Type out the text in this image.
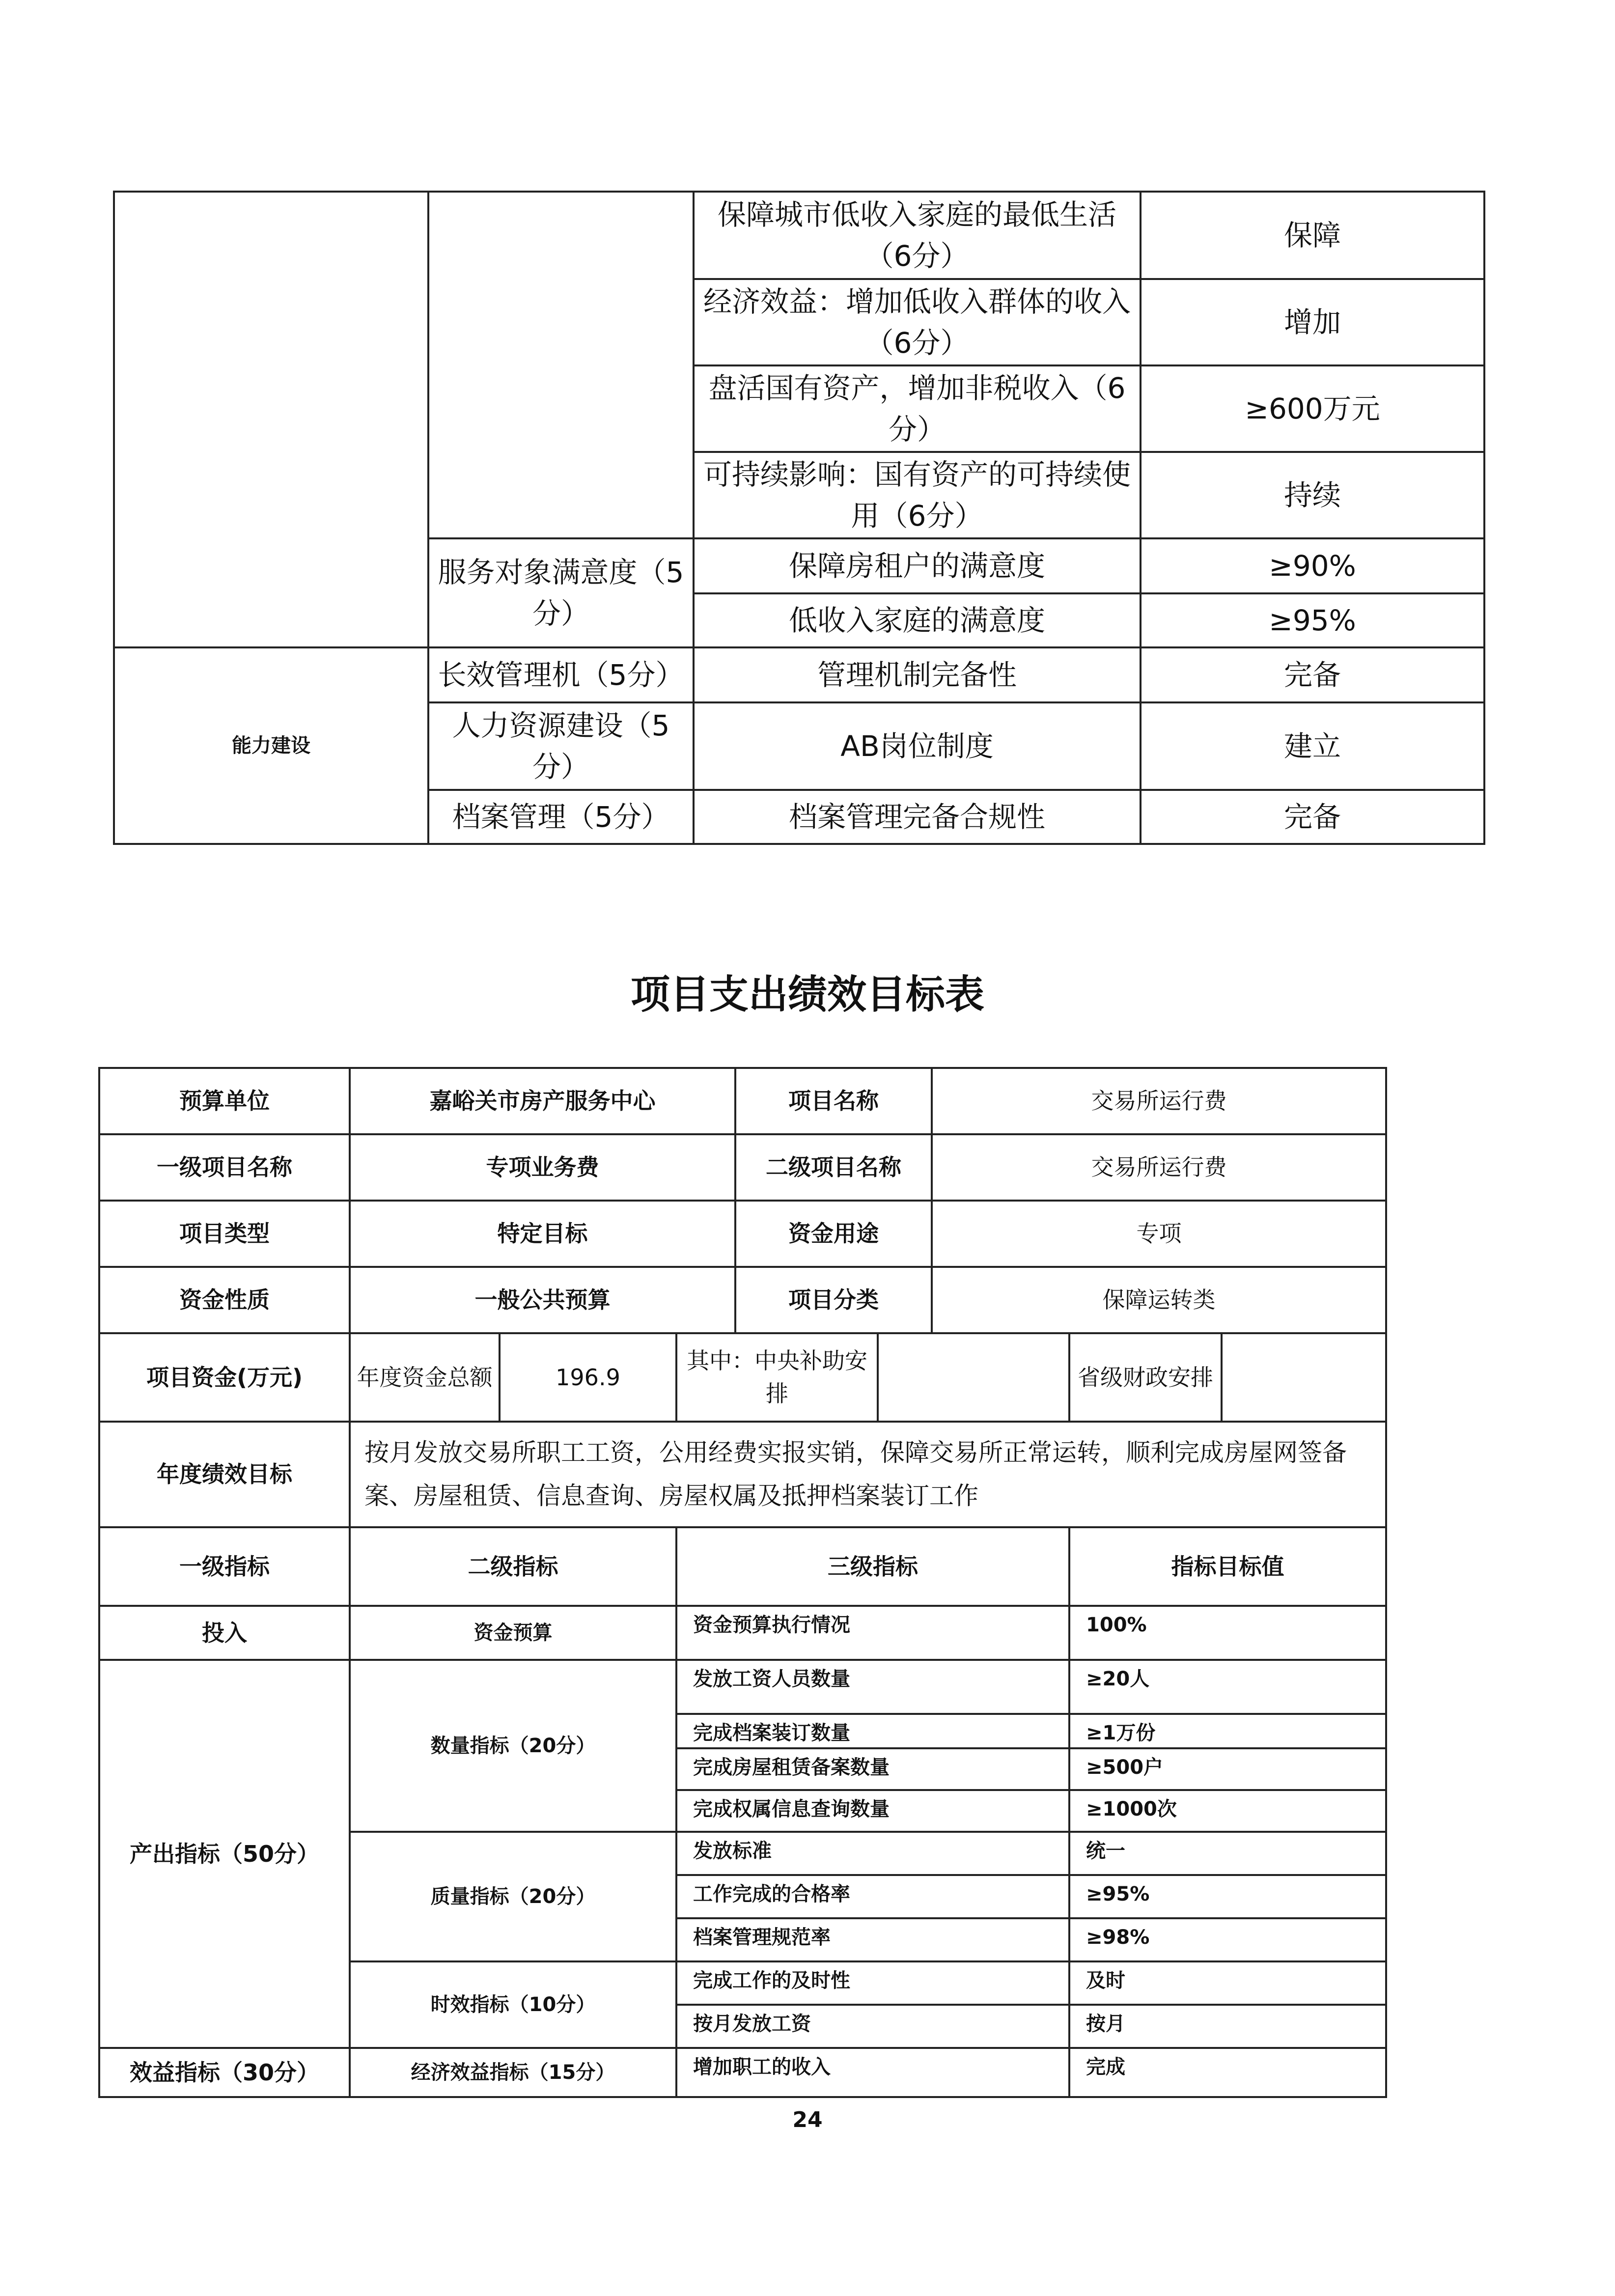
		保障城市低收入家庭的最低生活（6分）	保障
		经济效益：增加低收入群体的收入（6分）	增加
		盘活国有资产，增加非税收入（6分）	≥600万元
		可持续影响：国有资产的可持续使用（6分）	持续
	服务对象满意度（5分）	保障房租户的满意度	≥90%
		低收入家庭的满意度	≥95%
能力建设	长效管理机（5分）	管理机制完备性	完备
	人力资源建设（5分）	AB岗位制度	建立
	档案管理（5分）	档案管理完备合规性	完备
项目支出绩效目标表
预算单位	嘉峪关市房产服务中心			项目名称		交易所运行费		
一级项目名称	专项业务费			二级项目名称		交易所运行费		
项目类型	特定目标			资金用途		专项		
资金性质	一般公共预算			项目分类		保障运转类		
项目资金(万元)	年度资金总额	196.9	其中：中央补助安排				省级财政安排	
年度绩效目标	按月发放交易所职工工资，公用经费实报实销，保障交易所正常运转，顺利完成房屋网签备案、房屋租赁、信息查询、房屋权属及抵押档案装订工作							
一级指标	二级指标		三级指标				指标目标值	
投入	资金预算		资金预算执行情况				100%	
产出指标（50分）	数量指标（20分）		发放工资人员数量				≥20人	
			完成档案装订数量				≥1万份	
			完成房屋租赁备案数量				≥500户	
			完成权属信息查询数量				≥1000次	
	质量指标（20分）		发放标准				统一	
			工作完成的合格率				≥95%	
			档案管理规范率				≥98%	
	时效指标（10分）		完成工作的及时性				及时	
			按月发放工资				按月	
效益指标（30分）	经济效益指标（15分）		增加职工的收入				完成	
24
